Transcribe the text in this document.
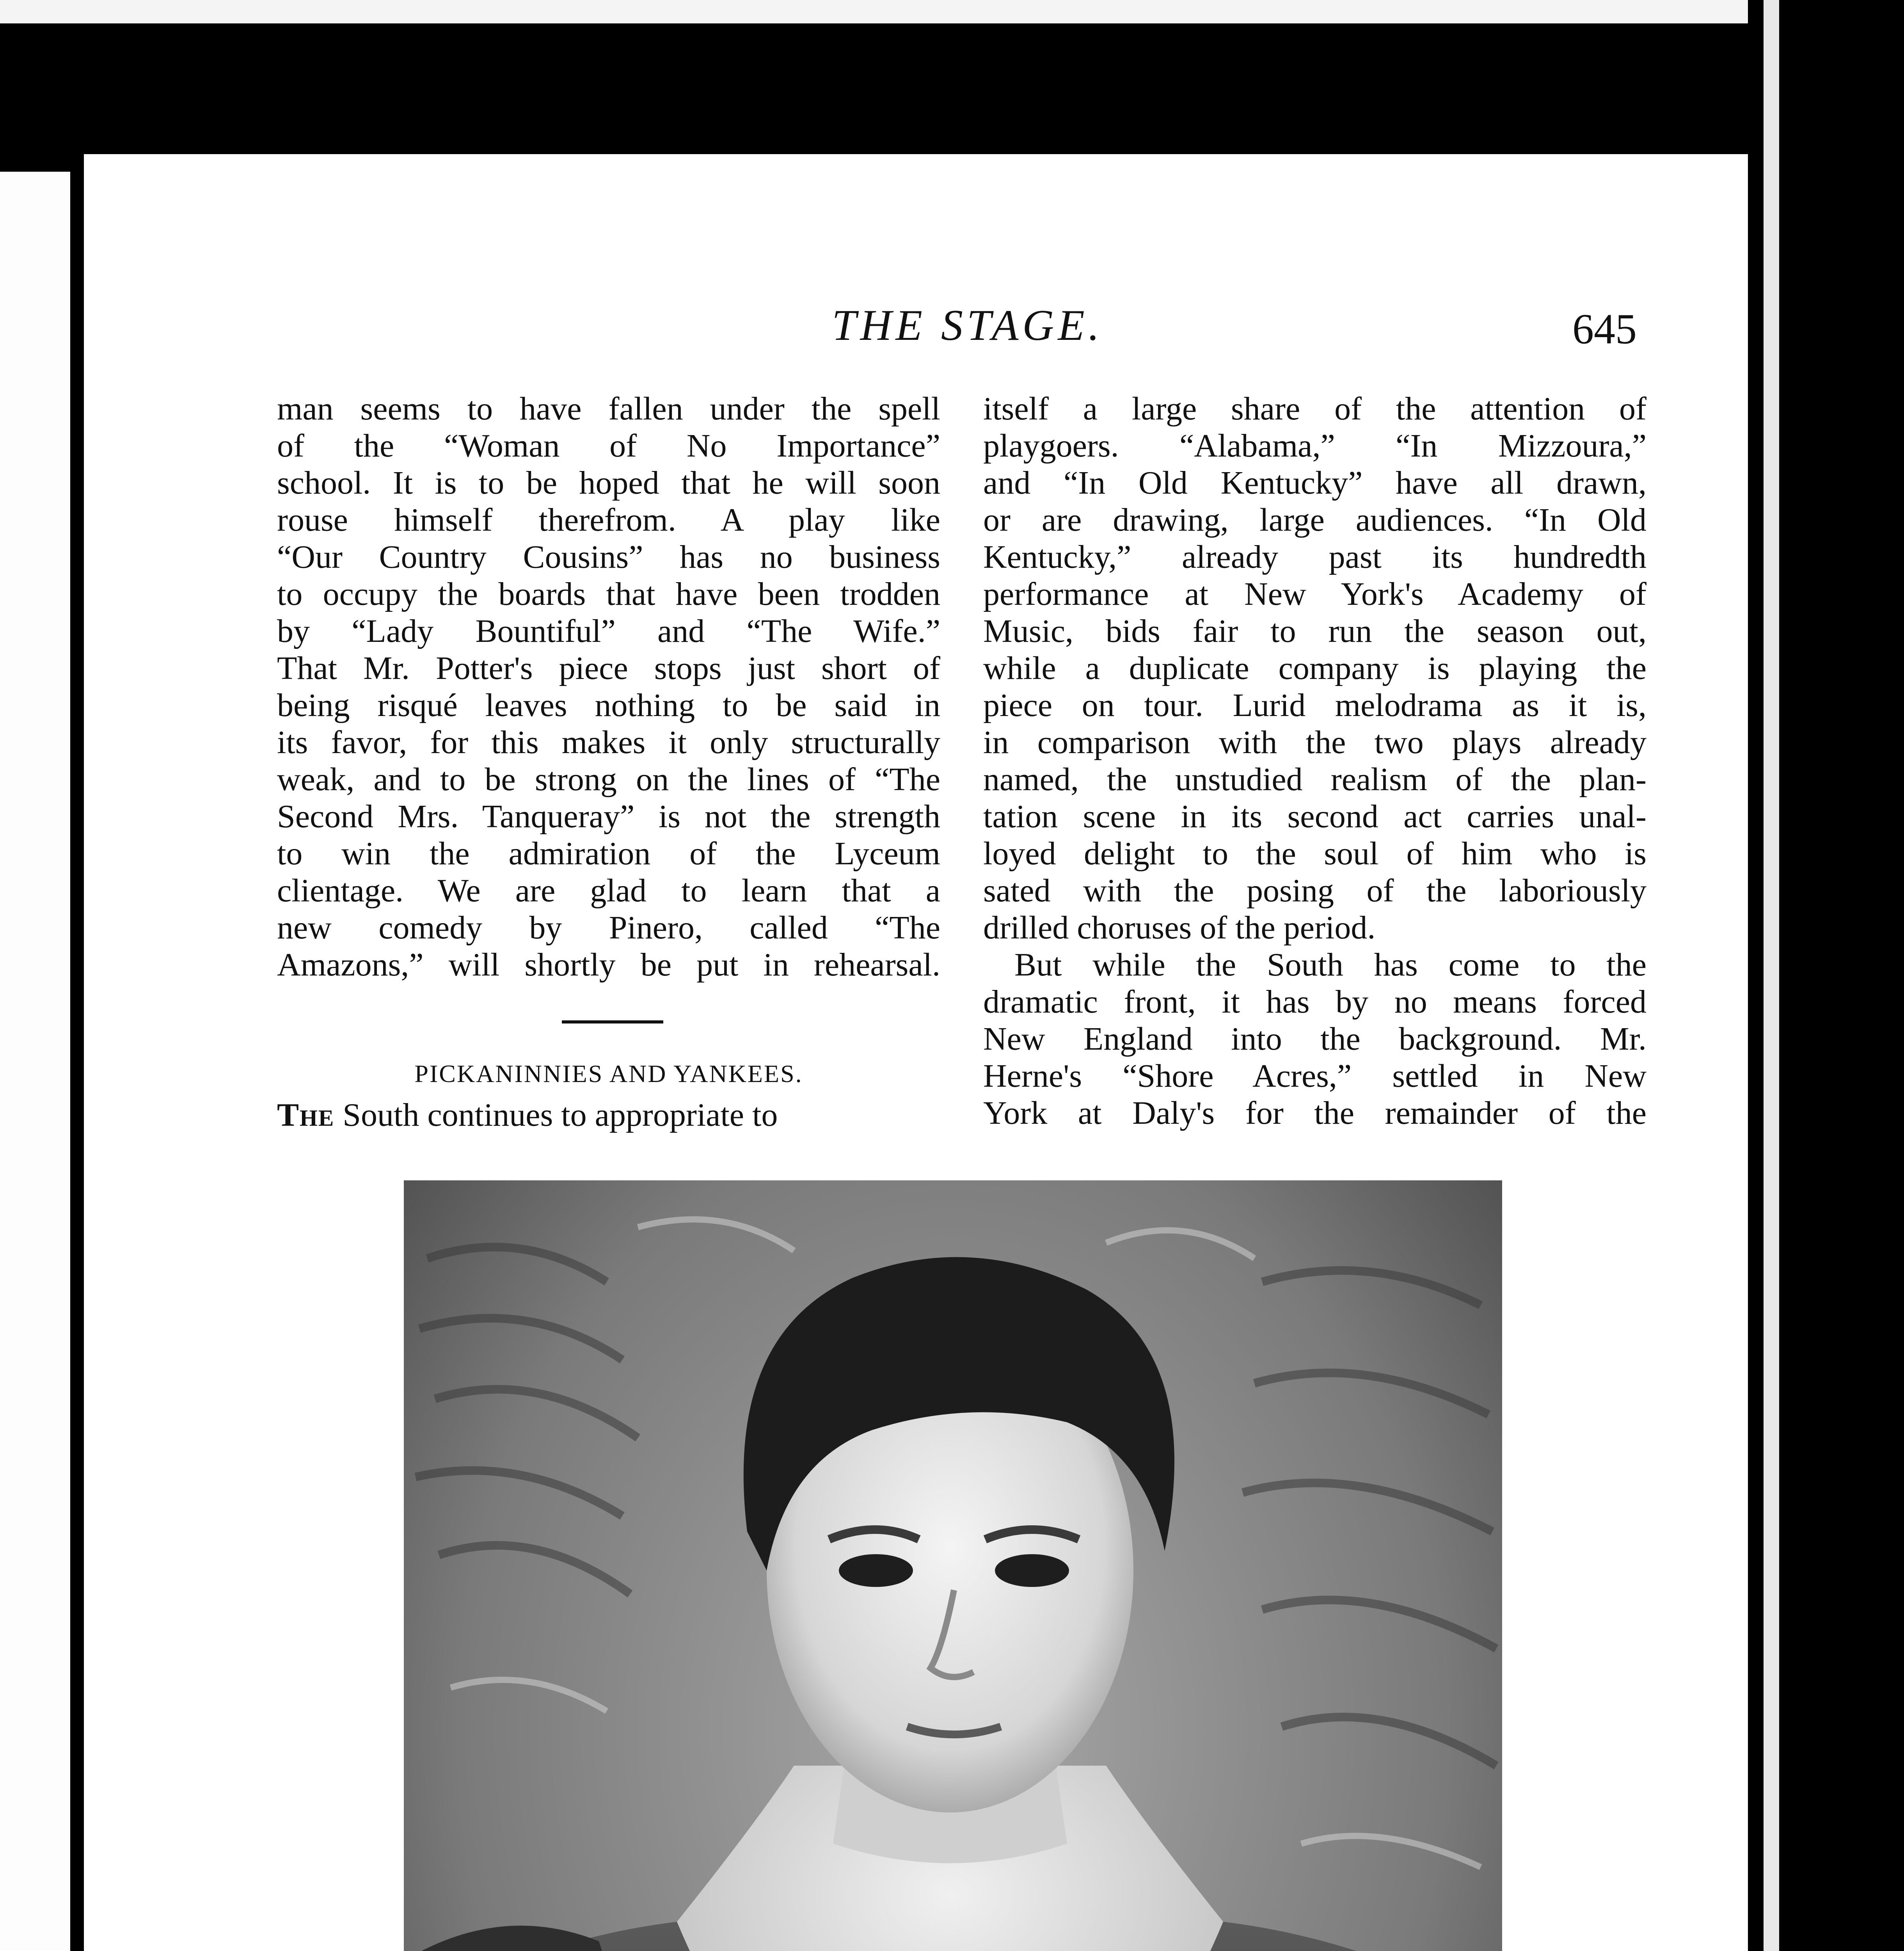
THE STAGE.	645
man seems to have fallen under the spell
of the “Woman of No Importance”
school. It is to be hoped that he will soon
rouse himself therefrom. A play like
“Our Country Cousins” has no business
to occupy the boards that have been trodden
by “Lady Bountiful” and “The Wife.”
That Mr. Potter's piece stops just short of
being risqué leaves nothing to be said in
its favor, for this makes it only structurally
weak, and to be strong on the lines of “The
Second Mrs. Tanqueray” is not the strength
to win the admiration of the Lyceum
clientage. We are glad to learn that a
new comedy by Pinero, called “The
Amazons,” will shortly be put in rehearsal.
PICKANINNIES AND YANKEES.
The South continues to appropriate to
itself a large share of the attention of
playgoers. “Alabama,” “In Mizzoura,”
and “In Old Kentucky” have all drawn,
or are drawing, large audiences. “In Old
Kentucky,” already past its hundredth
performance at New York's Academy of
Music, bids fair to run the season out,
while a duplicate company is playing the
piece on tour. Lurid melodrama as it is,
in comparison with the two plays already
named, the unstudied realism of the plan-
tation scene in its second act carries unal-
loyed delight to the soul of him who is
sated with the posing of the laboriously
drilled choruses of the period.
But while the South has come to the
dramatic front, it has by no means forced
New England into the background. Mr.
Herne's “Shore Acres,” settled in New
York at Daly's for the remainder of the
